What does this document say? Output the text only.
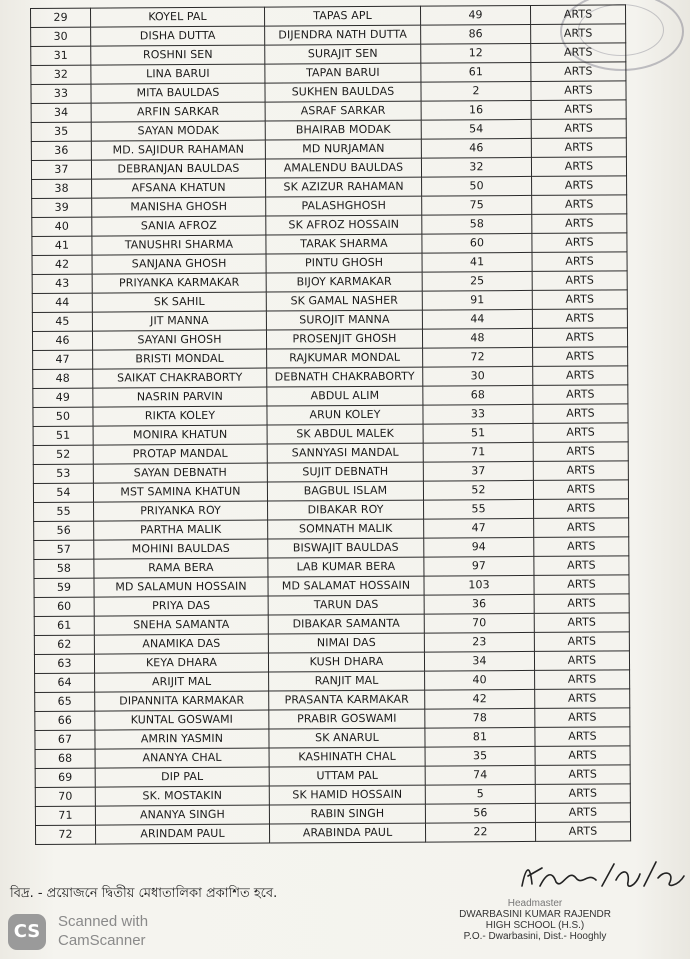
29	KOYEL PAL	TAPAS APL	49	ARTS
30	DISHA DUTTA	DIJENDRA NATH DUTTA	86	ARTS
31	ROSHNI SEN	SURAJIT SEN	12	ARTS
32	LINA BARUI	TAPAN BARUI	61	ARTS
33	MITA BAULDAS	SUKHEN BAULDAS	2	ARTS
34	ARFIN SARKAR	ASRAF SARKAR	16	ARTS
35	SAYAN MODAK	BHAIRAB MODAK	54	ARTS
36	MD. SAJIDUR RAHAMAN	MD NURJAMAN	46	ARTS
37	DEBRANJAN BAULDAS	AMALENDU BAULDAS	32	ARTS
38	AFSANA KHATUN	SK AZIZUR RAHAMAN	50	ARTS
39	MANISHA GHOSH	PALASHGHOSH	75	ARTS
40	SANIA AFROZ	SK AFROZ HOSSAIN	58	ARTS
41	TANUSHRI SHARMA	TARAK SHARMA	60	ARTS
42	SANJANA GHOSH	PINTU GHOSH	41	ARTS
43	PRIYANKA KARMAKAR	BIJOY KARMAKAR	25	ARTS
44	SK SAHIL	SK GAMAL NASHER	91	ARTS
45	JIT MANNA	SUROJIT MANNA	44	ARTS
46	SAYANI GHOSH	PROSENJIT GHOSH	48	ARTS
47	BRISTI MONDAL	RAJKUMAR MONDAL	72	ARTS
48	SAIKAT CHAKRABORTY	DEBNATH CHAKRABORTY	30	ARTS
49	NASRIN PARVIN	ABDUL ALIM	68	ARTS
50	RIKTA KOLEY	ARUN KOLEY	33	ARTS
51	MONIRA KHATUN	SK ABDUL MALEK	51	ARTS
52	PROTAP MANDAL	SANNYASI MANDAL	71	ARTS
53	SAYAN DEBNATH	SUJIT DEBNATH	37	ARTS
54	MST SAMINA KHATUN	BAGBUL ISLAM	52	ARTS
55	PRIYANKA ROY	DIBAKAR ROY	55	ARTS
56	PARTHA MALIK	SOMNATH MALIK	47	ARTS
57	MOHINI BAULDAS	BISWAJIT BAULDAS	94	ARTS
58	RAMA BERA	LAB KUMAR BERA	97	ARTS
59	MD SALAMUN HOSSAIN	MD SALAMAT HOSSAIN	103	ARTS
60	PRIYA DAS	TARUN DAS	36	ARTS
61	SNEHA SAMANTA	DIBAKAR SAMANTA	70	ARTS
62	ANAMIKA DAS	NIMAI DAS	23	ARTS
63	KEYA DHARA	KUSH DHARA	34	ARTS
64	ARIJIT MAL	RANJIT MAL	40	ARTS
65	DIPANNITA KARMAKAR	PRASANTA KARMAKAR	42	ARTS
66	KUNTAL GOSWAMI	PRABIR GOSWAMI	78	ARTS
67	AMRIN YASMIN	SK ANARUL	81	ARTS
68	ANANYA CHAL	KASHINATH CHAL	35	ARTS
69	DIP PAL	UTTAM PAL	74	ARTS
70	SK. MOSTAKIN	SK HAMID HOSSAIN	5	ARTS
71	ANANYA SINGH	RABIN SINGH	56	ARTS
72	ARINDAM PAUL	ARABINDA PAUL	22	ARTS
বিদ্র. - প্রয়োজনে দ্বিতীয় মেধাতালিকা প্রকাশিত হবে.
Headmaster
DWARBASINI KUMAR RAJENDR
HIGH SCHOOL (H.S.)
P.O.- Dwarbasini, Dist.- Hooghly
CS	Scanned with
CamScanner
